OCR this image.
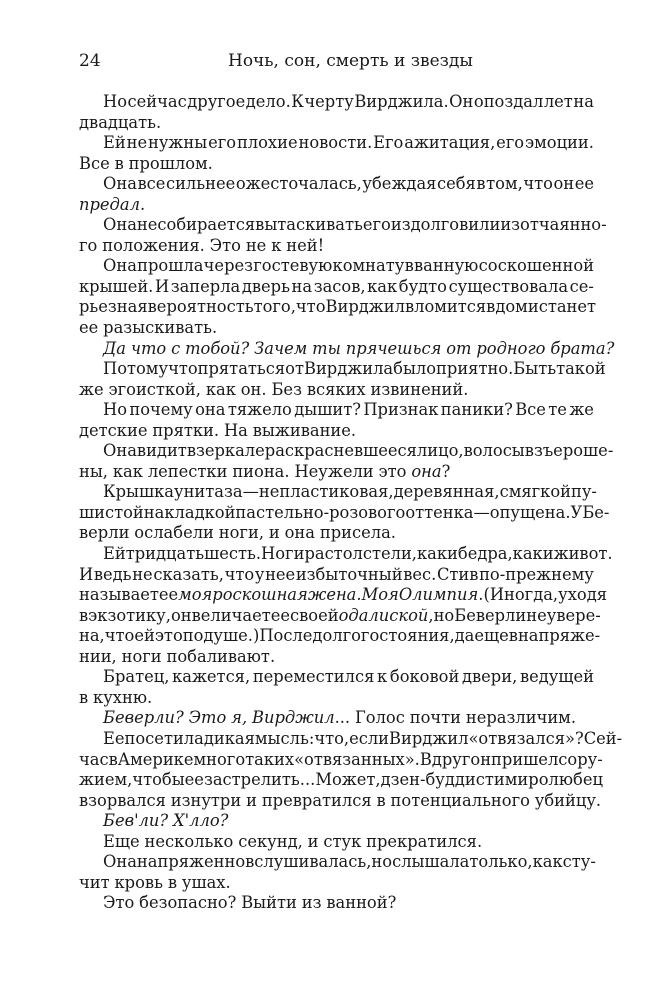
24	Ночь, сон, смерть и звезды
Но сейчас другое дело. К черту Вирджила. Он опоздал лет на
двадцать.
Ей не нужны его плохие новости. Его ажитация, его эмоции.
Все в прошлом.
Она все сильнее ожесточалась, убеждая себя в том, что он ее
предал.
Она не собирается вытаскивать его из долгов или из отчаянно-
го положения. Это не к ней!
Она прошла через гостевую комнату в ванную со скошенной
крышей. И заперла дверь на засов, как будто существовала се-
рьезная вероятность того, что Вирджил вломится в дом и станет
ее разыскивать.
Да что с тобой? Зачем ты прячешься от родного брата?
Потому что прятаться от Вирджила было приятно. Быть такой
же эгоисткой, как он. Без всяких извинений.
Но почему она тяжело дышит? Признак паники? Все те же
детские прятки. На выживание.
Она видит в зеркале раскрасневшееся лицо, волосы взъероше-
ны, как лепестки пиона. Неужели это она?
Крышка унитаза — не пластиковая, деревянная, с мягкой пу-
шистой накладкой пастельно-розового оттенка — опущена. У Бе-
верли ослабели ноги, и она присела.
Ей тридцать шесть. Ноги растолстели, как и бедра, как и живот.
И ведь не сказать, что у нее избыточный вес. Стив по-прежнему
называет ее моя роскошная жена. Моя Олимпия. (Иногда, уходя
в экзотику, он величает ее своей одалиской, но Беверли не увере-
на, что ей это по душе.) После долгого стояния, да еще в напряже-
нии, ноги побаливают.
Братец, кажется, переместился к боковой двери, ведущей
в кухню.
Беверли? Это я, Вирджил... Голос почти неразличим.
Ее посетила дикая мысль: что, если Вирджил «отвязался»? Сей-
час в Америке много таких «отвязанных». Вдруг он пришел с ору-
жием, чтобы ее застрелить... Может, дзен-буддист и миролюбец
взорвался изнутри и превратился в потенциального убийцу.
Бев'ли? Х'лло?
Еще несколько секунд, и стук прекратился.
Она напряженно вслушивалась, но слышала только, как сту-
чит кровь в ушах.
Это безопасно? Выйти из ванной?
